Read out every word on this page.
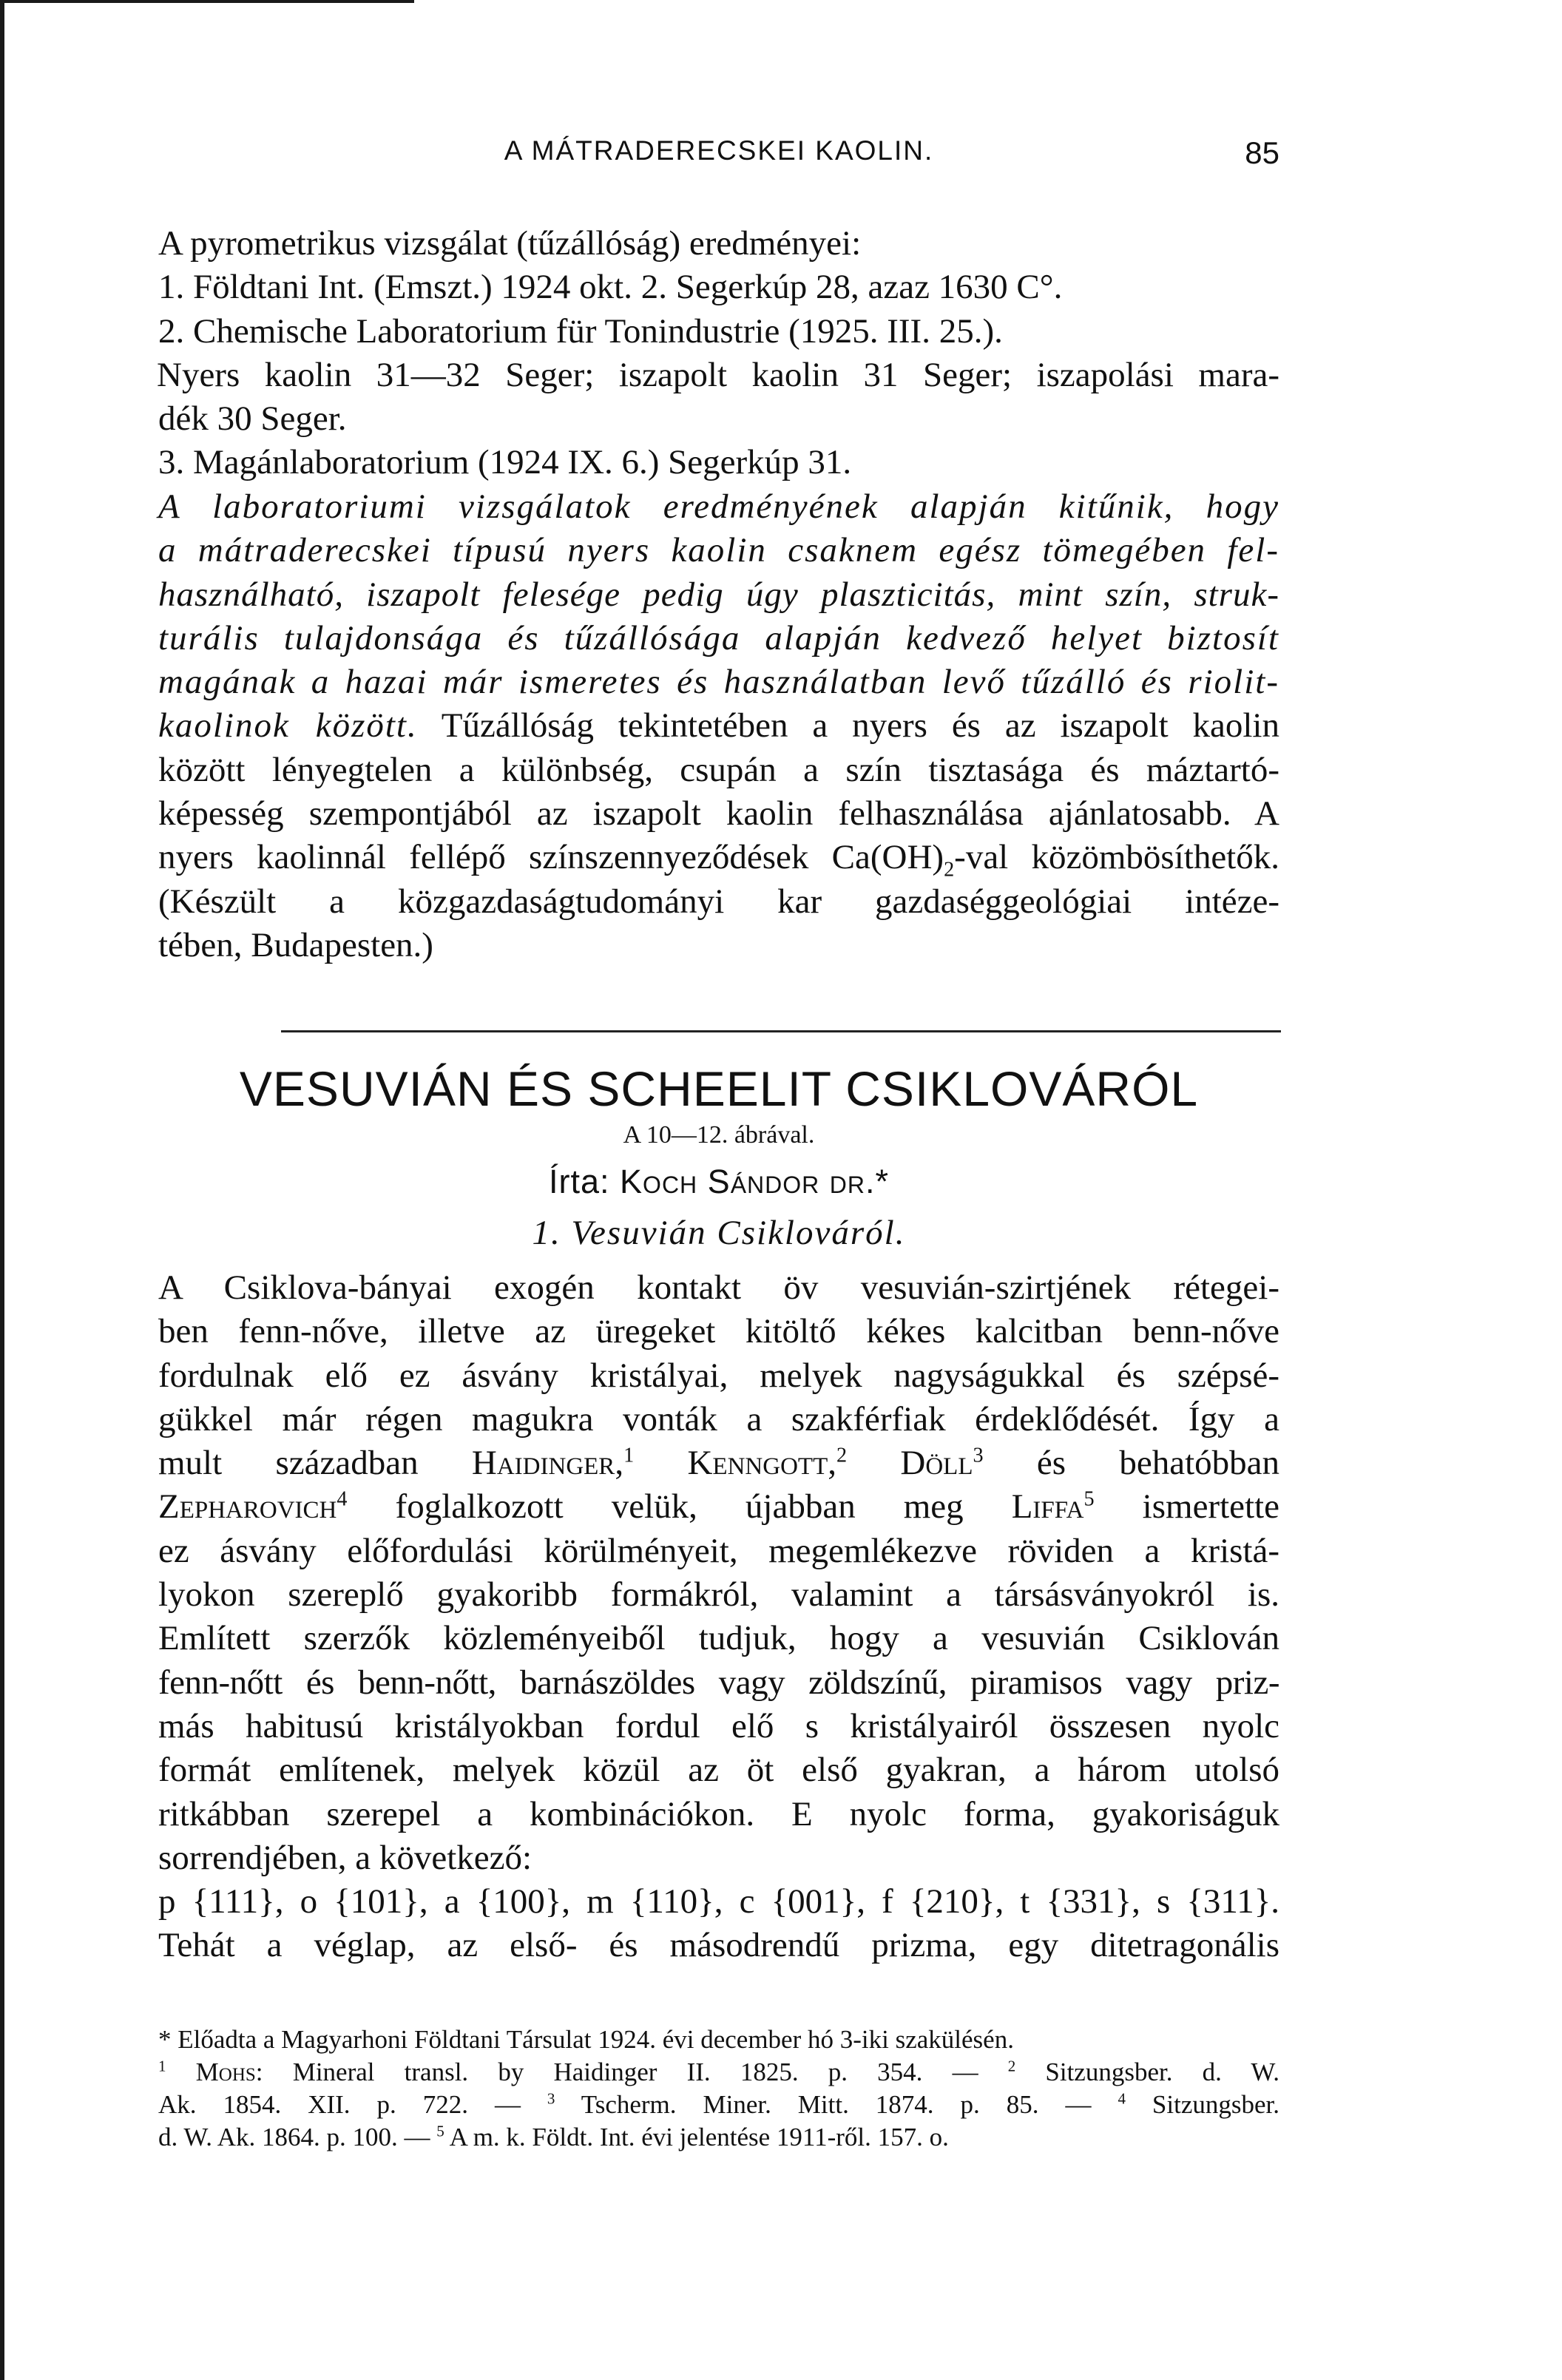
A MÁTRADERECSKEI KAOLIN.	85
A pyrometrikus vizsgálat (tűzállóság) eredményei:
1. Földtani Int. (Emszt.) 1924 okt. 2. Segerkúp 28, azaz 1630 C°.
2. Chemische Laboratorium für Tonindustrie (1925. III. 25.).
Nyers kaolin 31—32 Seger; iszapolt kaolin 31 Seger; iszapolási mara-
dék 30 Seger.
3. Magánlaboratorium (1924 IX. 6.) Segerkúp 31.
A laboratoriumi vizsgálatok eredményének alapján kitűnik, hogy
a mátraderecskei típusú nyers kaolin csaknem egész tömegében fel-
használható, iszapolt felesége pedig úgy plaszticitás, mint szín, struk-
turális tulajdonsága és tűzállósága alapján kedvező helyet biztosít
magának a hazai már ismeretes és használatban levő tűzálló és riolit-
kaolinok között. Tűzállóság tekintetében a nyers és az iszapolt kaolin
között lényegtelen a különbség, csupán a szín tisztasága és máztartó-
képesség szempontjából az iszapolt kaolin felhasználása ajánlatosabb. A
nyers kaolinnál fellépő színszennyeződések $Ca(OH)_2$-val közömbösíthetők.
(Készült a közgazdaságtudományi kar gazdaséggeológiai intéze-
tében, Budapesten.)
VESUVIÁN ÉS SCHEELIT CSIKLOVÁRÓL
A 10—12. ábrával.
Írta: Koch Sándor dr.*
1. Vesuvián Csiklováról.
A Csiklova-bányai exogén kontakt öv vesuvián-szirtjének rétegei-
ben fenn-nőve, illetve az üregeket kitöltő kékes kalcitban benn-nőve
fordulnak elő ez ásvány kristályai, melyek nagyságukkal és szépsé-
gükkel már régen magukra vonták a szakférfiak érdeklődését. Így a
mult században Haidinger,$^1$ Kenngott,$^2$ Döll$^3$ és behatóbban
Zepharovich$^4$ foglalkozott velük, újabban meg Liffa$^5$ ismertette
ez ásvány előfordulási körülményeit, megemlékezve röviden a kristá-
lyokon szereplő gyakoribb formákról, valamint a társásványokról is.
Említett szerzők közleményeiből tudjuk, hogy a vesuvián Csiklován
fenn-nőtt és benn-nőtt, barnászöldes vagy zöldszínű, piramisos vagy priz-
más habitusú kristályokban fordul elő s kristályairól összesen nyolc
formát említenek, melyek közül az öt első gyakran, a három utolsó
ritkábban szerepel a kombinációkon. E nyolc forma, gyakoriságuk
sorrendjében, a következő:
p {111}, o {101}, a {100}, m {110}, c {001}, f {210}, t {331}, s {311}.
Tehát a véglap, az első- és másodrendű prizma, egy ditetragonális
* Előadta a Magyarhoni Földtani Társulat 1924. évi december hó 3-iki szakülésén.
$^1$ Mohs: Mineral transl. by Haidinger II. 1825. p. 354. — $^2$ Sitzungsber. d. W.
Ak. 1854. XII. p. 722. — $^3$ Tscherm. Miner. Mitt. 1874. p. 85. — $^4$ Sitzungsber.
d. W. Ak. 1864. p. 100. — $^5$ A m. k. Földt. Int. évi jelentése 1911-ről. 157. o.
